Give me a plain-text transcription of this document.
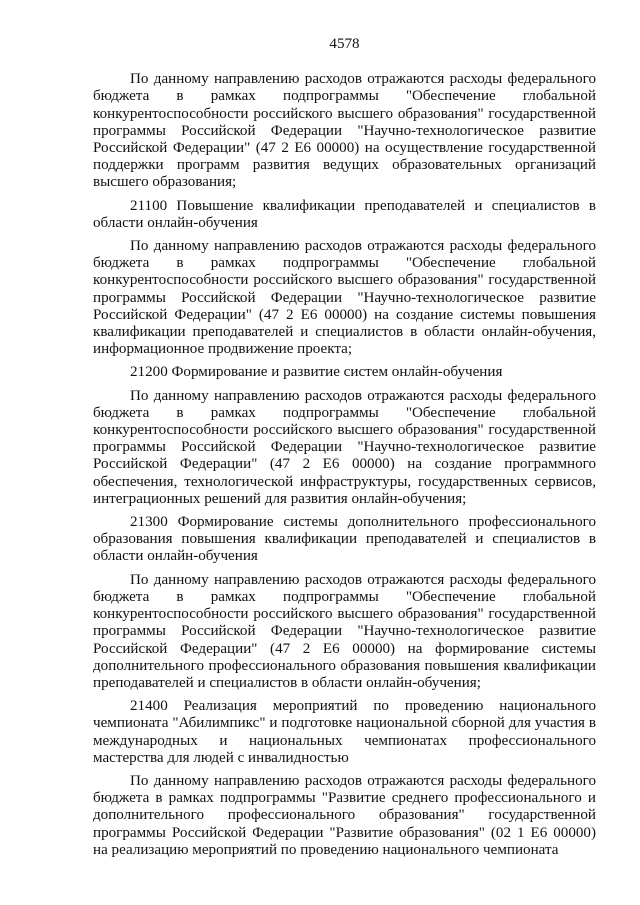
4578

По данному направлению расходов отражаются расходы федерального бюджета в рамках подпрограммы "Обеспечение глобальной конкурентоспособности российского высшего образования" государственной программы Российской Федерации "Научно-технологическое развитие Российской Федерации" (47 2 Е6 00000) на осуществление государственной поддержки программ развития ведущих образовательных организаций высшего образования;

21100 Повышение квалификации преподавателей и специалистов в области онлайн-обучения

По данному направлению расходов отражаются расходы федерального бюджета в рамках подпрограммы "Обеспечение глобальной конкурентоспособности российского высшего образования" государственной программы Российской Федерации "Научно-технологическое развитие Российской Федерации" (47 2 Е6 00000) на создание системы повышения квалификации преподавателей и специалистов в области онлайн-обучения, информационное продвижение проекта;

21200 Формирование и развитие систем онлайн-обучения

По данному направлению расходов отражаются расходы федерального бюджета в рамках подпрограммы "Обеспечение глобальной конкурентоспособности российского высшего образования" государственной программы Российской Федерации "Научно-технологическое развитие Российской Федерации" (47 2 Е6 00000) на создание программного обеспечения, технологической инфраструктуры, государственных сервисов, интеграционных решений для развития онлайн-обучения;

21300 Формирование системы дополнительного профессионального образования повышения квалификации преподавателей и специалистов в области онлайн-обучения

По данному направлению расходов отражаются расходы федерального бюджета в рамках подпрограммы "Обеспечение глобальной конкурентоспособности российского высшего образования" государственной программы Российской Федерации "Научно-технологическое развитие Российской Федерации" (47 2 Е6 00000) на формирование системы дополнительного профессионального образования повышения квалификации преподавателей и специалистов в области онлайн-обучения;

21400 Реализация мероприятий по проведению национального чемпионата "Абилимпикс" и подготовке национальной сборной для участия в международных и национальных чемпионатах профессионального мастерства для людей с инвалидностью

По данному направлению расходов отражаются расходы федерального бюджета в рамках подпрограммы "Развитие среднего профессионального и дополнительного профессионального образования" государственной программы Российской Федерации "Развитие образования" (02 1 Е6 00000) на реализацию мероприятий по проведению национального чемпионата
